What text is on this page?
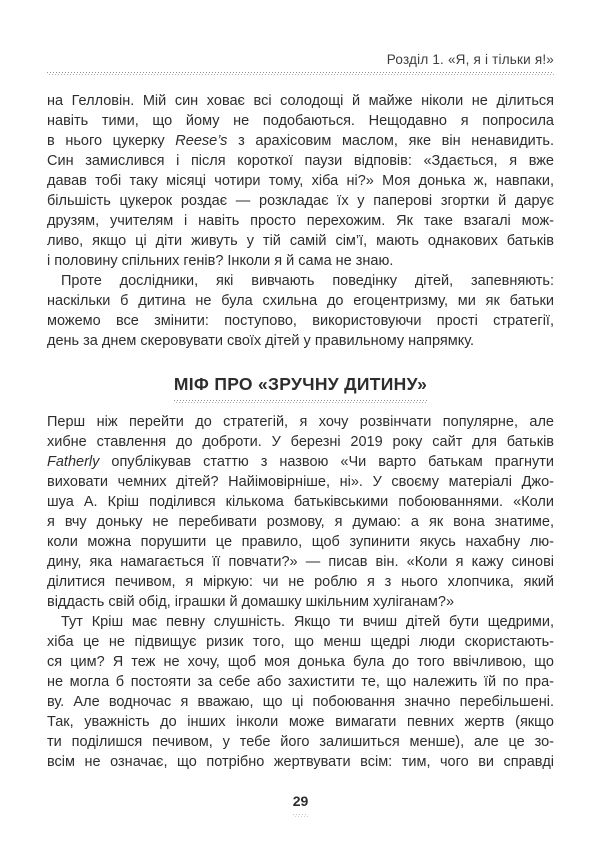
Розділ 1. «Я, я і тільки я!»
на Гелловін. Мій син ховає всі солодощі й майже ніколи не ділиться
навіть тими, що йому не подобаються. Нещодавно я попросила
в нього цукерку Reese’s з арахісовим маслом, яке він ненавидить.
Син замислився і після короткої паузи відповів: «Здається, я вже
давав тобі таку місяці чотири тому, хіба ні?» Моя донька ж, навпаки,
більшість цукерок роздає — розкладає їх у паперові згортки й дарує
друзям, учителям і навіть просто перехожим. Як таке взагалі мож-
ливо, якщо ці діти живуть у тій самій сім’ї, мають однакових батьків
і половину спільних генів? Інколи я й сама не знаю.
Проте дослідники, які вивчають поведінку дітей, запевняють:
наскільки б дитина не була схильна до егоцентризму, ми як батьки
можемо все змінити: поступово, використовуючи прості стратегії,
день за днем скеровувати своїх дітей у правильному напрямку.
МІФ ПРО «ЗРУЧНУ ДИТИНУ»
Перш ніж перейти до стратегій, я хочу розвінчати популярне, але
хибне ставлення до доброти. У березні 2019 року сайт для батьків
Fatherly опублікував статтю з назвою «Чи варто батькам прагнути
виховати чемних дітей? Найімовірніше, ні». У своєму матеріалі Джо-
шуа А. Кріш поділився кількома батьківськими побоюваннями. «Коли
я вчу доньку не перебивати розмову, я думаю: а як вона знатиме,
коли можна порушити це правило, щоб зупинити якусь нахабну лю-
дину, яка намагається її повчати?» — писав він. «Коли я кажу синові
ділитися печивом, я міркую: чи не роблю я з нього хлопчика, який
віддасть свій обід, іграшки й домашку шкільним хуліганам?»
Тут Кріш має певну слушність. Якщо ти вчиш дітей бути щедрими,
хіба це не підвищує ризик того, що менш щедрі люди скористають-
ся цим? Я теж не хочу, щоб моя донька була до того ввічливою, що
не могла б постояти за себе або захистити те, що належить їй по пра-
ву. Але водночас я вважаю, що ці побоювання значно перебільшені.
Так, уважність до інших інколи може вимагати певних жертв (якщо
ти поділишся печивом, у тебе його залишиться менше), але це зо-
всім не означає, що потрібно жертвувати всім: тим, чого ви справді
29
